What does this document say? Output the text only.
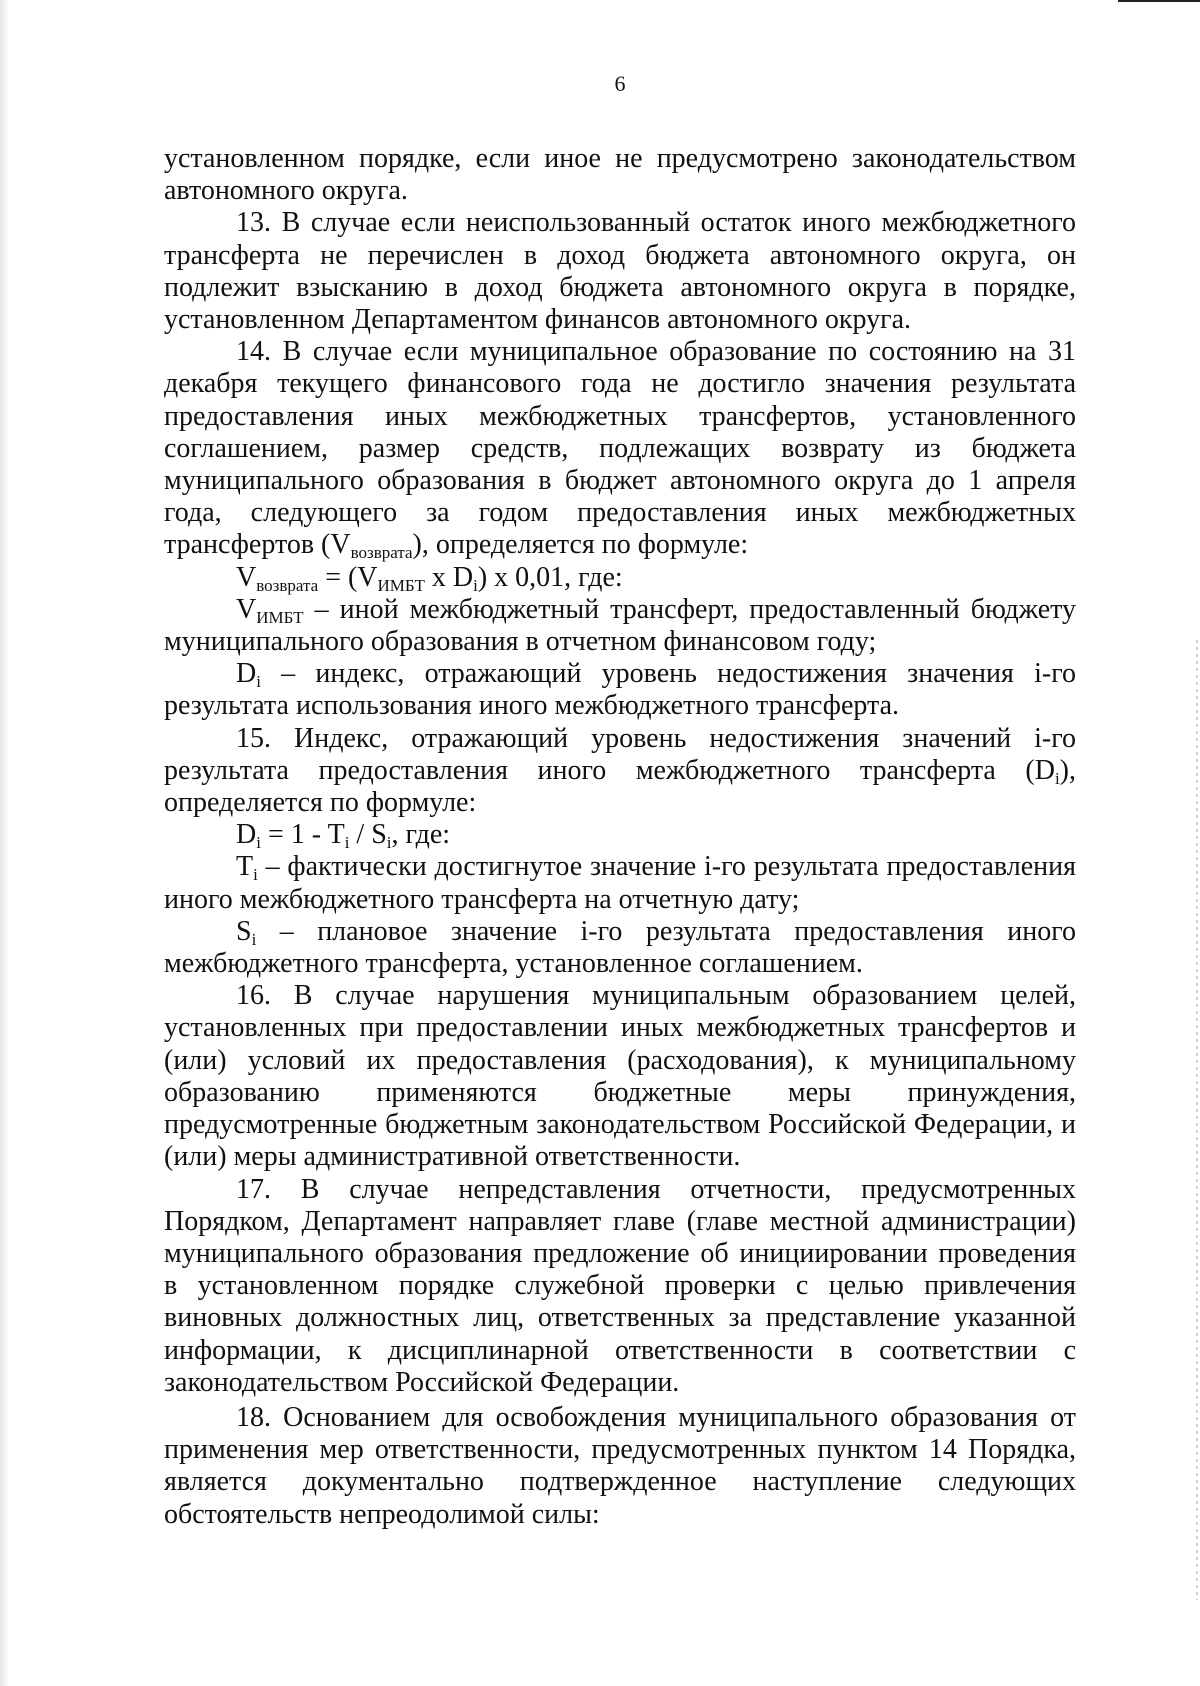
6

установленном порядке, если иное не предусмотрено законодательством автономного округа.

13. В случае если неиспользованный остаток иного межбюджетного трансферта не перечислен в доход бюджета автономного округа, он подлежит взысканию в доход бюджета автономного округа в порядке, установленном Департаментом финансов автономного округа.

14. В случае если муниципальное образование по состоянию на 31 декабря текущего финансового года не достигло значения результата предоставления иных межбюджетных трансфертов, установленного соглашением, размер средств, подлежащих возврату из бюджета муниципального образования в бюджет автономного округа до 1 апреля года, следующего за годом предоставления иных межбюджетных трансфертов $(V_{возврата})$, определяется по формуле:

$V_{возврата} = (V_{ИМБТ}$ x $D_i$) x 0,01, где:

$V_{ИМБТ}$ – иной межбюджетный трансферт, предоставленный бюджету муниципального образования в отчетном финансовом году;

$D_i$ – индекс, отражающий уровень недостижения значения i-го результата использования иного межбюджетного трансферта.

15. Индекс, отражающий уровень недостижения значений i-го результата предоставления иного межбюджетного трансферта $(D_i)$, определяется по формуле:

$D_i = 1 - T_i / S_i$, где:

$T_i$ – фактически достигнутое значение i-го результата предоставления иного межбюджетного трансферта на отчетную дату;

$S_i$ – плановое значение i-го результата предоставления иного межбюджетного трансферта, установленное соглашением.

16. В случае нарушения муниципальным образованием целей, установленных при предоставлении иных межбюджетных трансфертов и (или) условий их предоставления (расходования), к муниципальному образованию применяются бюджетные меры принуждения, предусмотренные бюджетным законодательством Российской Федерации, и (или) меры административной ответственности.

17. В случае непредставления отчетности, предусмотренных Порядком, Департамент направляет главе (главе местной администрации) муниципального образования предложение об инициировании проведения в установленном порядке служебной проверки с целью привлечения виновных должностных лиц, ответственных за представление указанной информации, к дисциплинарной ответственности в соответствии с законодательством Российской Федерации.

18. Основанием для освобождения муниципального образования от применения мер ответственности, предусмотренных пунктом 14 Порядка, является документально подтвержденное наступление следующих обстоятельств непреодолимой силы:
